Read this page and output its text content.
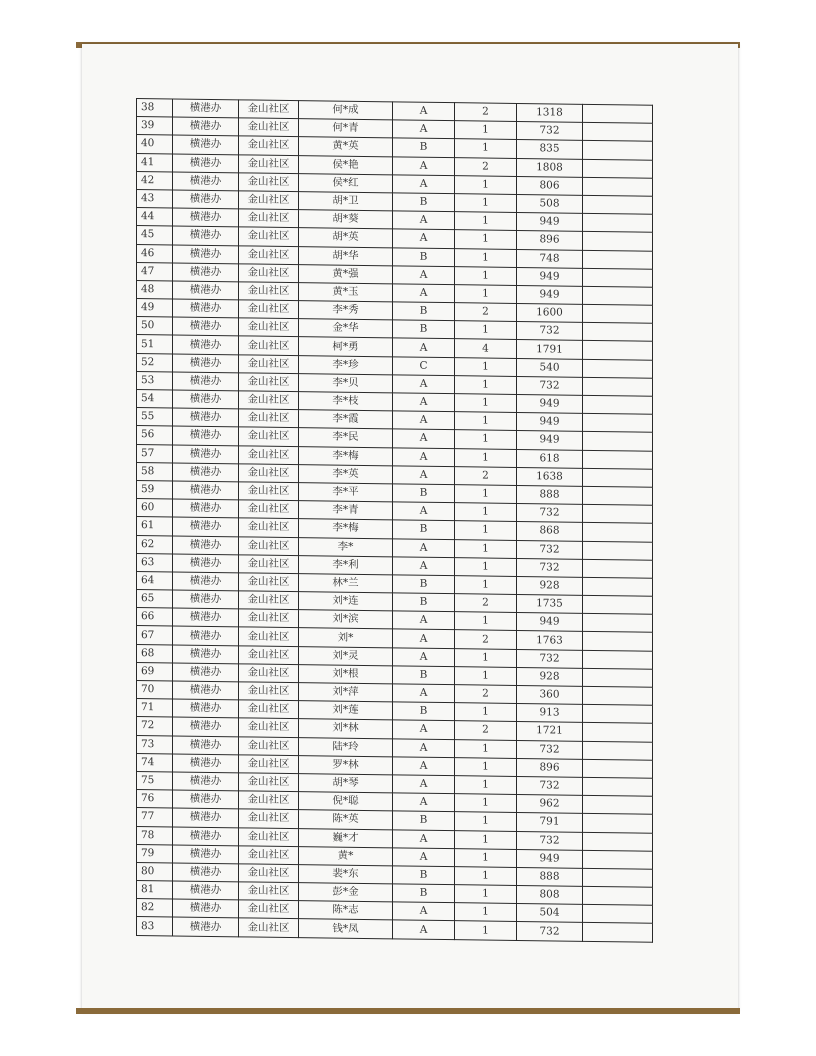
38	横港办	金山社区	何*成	A	2	1318	
39	横港办	金山社区	何*青	A	1	732	
40	横港办	金山社区	黄*英	B	1	835	
41	横港办	金山社区	侯*艳	A	2	1808	
42	横港办	金山社区	侯*红	A	1	806	
43	横港办	金山社区	胡*卫	B	1	508	
44	横港办	金山社区	胡*葵	A	1	949	
45	横港办	金山社区	胡*英	A	1	896	
46	横港办	金山社区	胡*华	B	1	748	
47	横港办	金山社区	黄*强	A	1	949	
48	横港办	金山社区	黄*玉	A	1	949	
49	横港办	金山社区	李*秀	B	2	1600	
50	横港办	金山社区	金*华	B	1	732	
51	横港办	金山社区	柯*勇	A	4	1791	
52	横港办	金山社区	李*珍	C	1	540	
53	横港办	金山社区	李*贝	A	1	732	
54	横港办	金山社区	李*枝	A	1	949	
55	横港办	金山社区	李*霞	A	1	949	
56	横港办	金山社区	李*民	A	1	949	
57	横港办	金山社区	李*梅	A	1	618	
58	横港办	金山社区	李*英	A	2	1638	
59	横港办	金山社区	李*平	B	1	888	
60	横港办	金山社区	李*青	A	1	732	
61	横港办	金山社区	李*梅	B	1	868	
62	横港办	金山社区	李*	A	1	732	
63	横港办	金山社区	李*利	A	1	732	
64	横港办	金山社区	林*兰	B	1	928	
65	横港办	金山社区	刘*连	B	2	1735	
66	横港办	金山社区	刘*滨	A	1	949	
67	横港办	金山社区	刘*	A	2	1763	
68	横港办	金山社区	刘*灵	A	1	732	
69	横港办	金山社区	刘*根	B	1	928	
70	横港办	金山社区	刘*萍	A	2	360	
71	横港办	金山社区	刘*莲	B	1	913	
72	横港办	金山社区	刘*林	A	2	1721	
73	横港办	金山社区	陆*玲	A	1	732	
74	横港办	金山社区	罗*林	A	1	896	
75	横港办	金山社区	胡*琴	A	1	732	
76	横港办	金山社区	倪*聪	A	1	962	
77	横港办	金山社区	陈*英	B	1	791	
78	横港办	金山社区	巍*才	A	1	732	
79	横港办	金山社区	黄*	A	1	949	
80	横港办	金山社区	裴*东	B	1	888	
81	横港办	金山社区	彭*金	B	1	808	
82	横港办	金山社区	陈*志	A	1	504	
83	横港办	金山社区	钱*凤	A	1	732	
